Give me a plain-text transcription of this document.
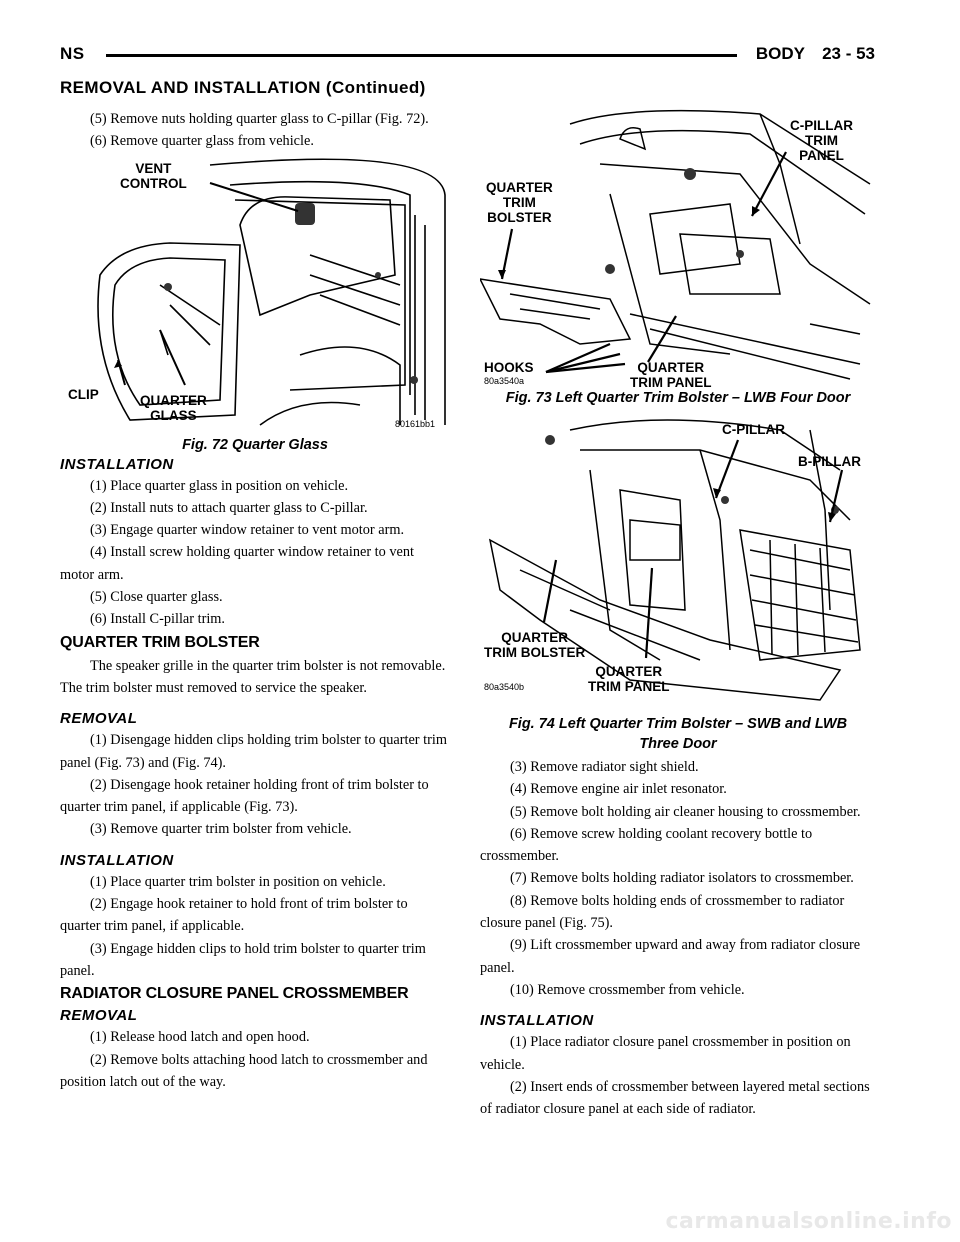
NS	BODY 23 - 53
REMOVAL AND INSTALLATION (Continued)

(5) Remove nuts holding quarter glass to C-pillar (Fig. 72).

(6) Remove quarter glass from vehicle.

VENT
CONTROL
CLIP	QUARTER
GLASS
80161bb1

Fig. 72 Quarter Glass

INSTALLATION

(1) Place quarter glass in position on vehicle.

(2) Install nuts to attach quarter glass to C-pillar.

(3) Engage quarter window retainer to vent motor arm.

(4) Install screw holding quarter window retainer to vent motor arm.

(5) Close quarter glass.

(6) Install C-pillar trim.

QUARTER TRIM BOLSTER

The speaker grille in the quarter trim bolster is not removable. The trim bolster must removed to service the speaker.

REMOVAL

(1) Disengage hidden clips holding trim bolster to quarter trim panel (Fig. 73) and (Fig. 74).

(2) Disengage hook retainer holding front of trim bolster to quarter trim panel, if applicable (Fig. 73).

(3) Remove quarter trim bolster from vehicle.

INSTALLATION

(1) Place quarter trim bolster in position on vehicle.

(2) Engage hook retainer to hold front of trim bolster to quarter trim panel, if applicable.

(3) Engage hidden clips to hold trim bolster to quarter trim panel.

RADIATOR CLOSURE PANEL CROSSMEMBER

REMOVAL

(1) Release hood latch and open hood.

(2) Remove bolts attaching hood latch to crossmember and position latch out of the way.

C-PILLAR
TRIM
PANEL
QUARTER
TRIM
BOLSTER
HOOKS	QUARTER
TRIM PANEL
80a3540a

Fig. 73 Left Quarter Trim Bolster – LWB Four Door

C-PILLAR
B-PILLAR
QUARTER
TRIM BOLSTER
QUARTER
TRIM PANEL
80a3540b

Fig. 74 Left Quarter Trim Bolster – SWB and LWB

Three Door

(3) Remove radiator sight shield.

(4) Remove engine air inlet resonator.

(5) Remove bolt holding air cleaner housing to crossmember.

(6) Remove screw holding coolant recovery bottle to crossmember.

(7) Remove bolts holding radiator isolators to crossmember.

(8) Remove bolts holding ends of crossmember to radiator closure panel (Fig. 75).

(9) Lift crossmember upward and away from radiator closure panel.

(10) Remove crossmember from vehicle.

INSTALLATION

(1) Place radiator closure panel crossmember in position on vehicle.

(2) Insert ends of crossmember between layered metal sections of radiator closure panel at each side of radiator.

carmanualsonline.info
